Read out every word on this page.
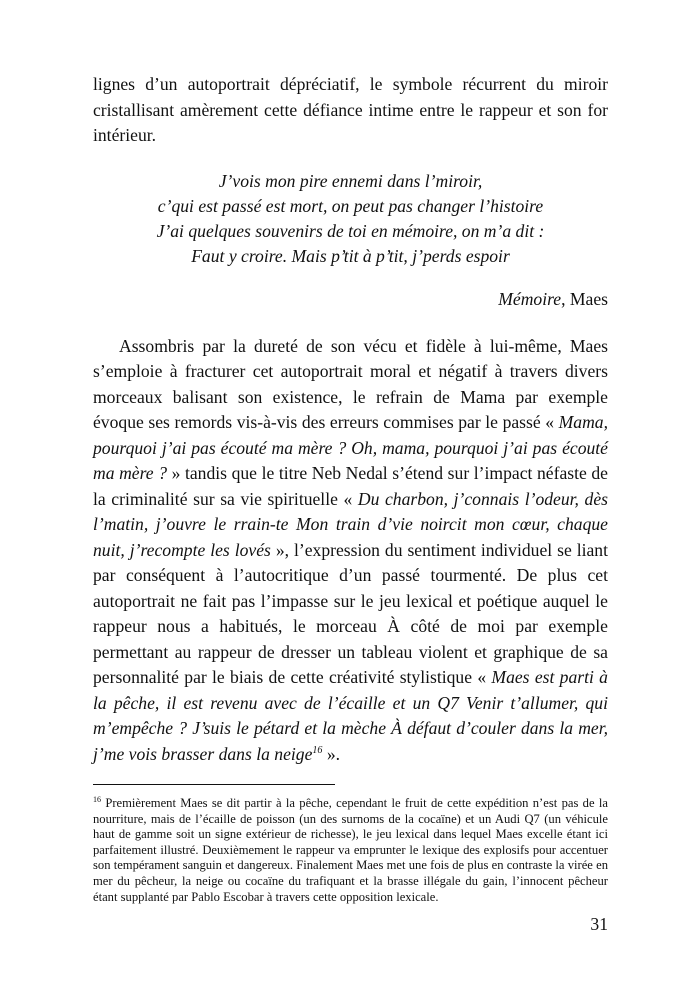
lignes d’un autoportrait dépréciatif, le symbole récurrent du miroir cristallisant amèrement cette défiance intime entre le rappeur et son for intérieur.

J’vois mon pire ennemi dans l’miroir,
c’qui est passé est mort, on peut pas changer l’histoire
J’ai quelques souvenirs de toi en mémoire, on m’a dit :
Faut y croire. Mais p’tit à p’tit, j’perds espoir
Mémoire, Maes

Assombris par la dureté de son vécu et fidèle à lui-même, Maes s’emploie à fracturer cet autoportrait moral et négatif à travers divers morceaux balisant son existence, le refrain de Mama par exemple évoque ses remords vis-à-vis des erreurs commises par le passé « Mama, pourquoi j’ai pas écouté ma mère ? Oh, mama, pourquoi j’ai pas écouté ma mère ? » tandis que le titre Neb Nedal s’étend sur l’impact néfaste de la criminalité sur sa vie spirituelle « Du charbon, j’connais l’odeur, dès l’matin, j’ouvre le rrain-te Mon train d’vie noircit mon cœur, chaque nuit, j’recompte les lovés », l’expression du sentiment individuel se liant par conséquent à l’autocritique d’un passé tourmenté. De plus cet autoportrait ne fait pas l’impasse sur le jeu lexical et poétique auquel le rappeur nous a habitués, le morceau À côté de moi par exemple permettant au rappeur de dresser un tableau violent et graphique de sa personnalité par le biais de cette créativité stylistique « Maes est parti à la pêche, il est revenu avec de l’écaille et un Q7 Venir t’allumer, qui m’empêche ? J’suis le pétard et la mèche À défaut d’couler dans la mer, j’me vois brasser dans la neige$^{16}$ ».

$^{16}$ Premièrement Maes se dit partir à la pêche, cependant le fruit de cette expédition n’est pas de la nourriture, mais de l’écaille de poisson (un des surnoms de la cocaïne) et un Audi Q7 (un véhicule haut de gamme soit un signe extérieur de richesse), le jeu lexical dans lequel Maes excelle étant ici parfaitement illustré. Deuxièmement le rappeur va emprunter le lexique des explosifs pour accentuer son tempérament sanguin et dangereux. Finalement Maes met une fois de plus en contraste la virée en mer du pêcheur, la neige ou cocaïne du trafiquant et la brasse illégale du gain, l’innocent pêcheur étant supplanté par Pablo Escobar à travers cette opposition lexicale.

31
